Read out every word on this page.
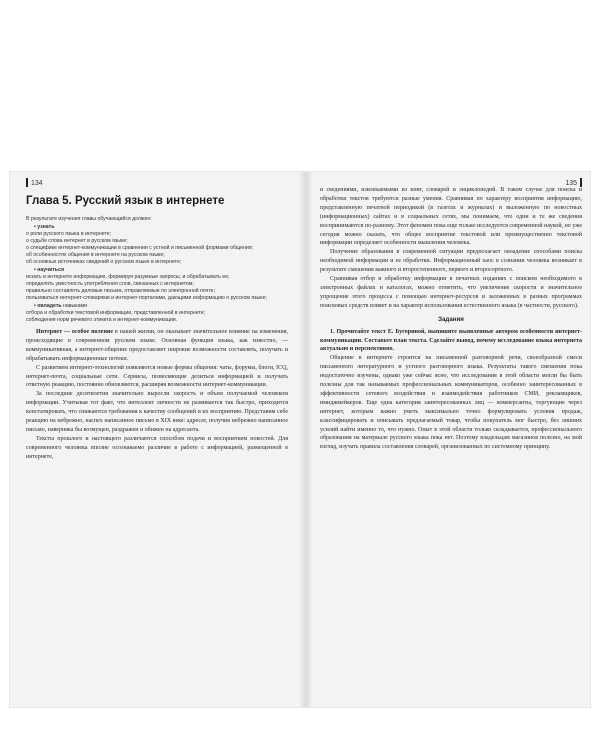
134
Глава 5. Русский язык в интернете
В результате изучения главы обучающийся должен:
• узнать
о роли русского языка в интернете;
о судьбе слова интернет в русском языке;
о специфике интернет-коммуникации в сравнении с устной и письменной формами общения;
об особенностях общения в интернете на русском языке;
об основных источниках сведений о русском языке в интернете;
• научиться
искать в интернете информацию, формируя разумные запросы, и обрабатывать ее;
определять уместность употребления слов, связанных с интернетом;
правильно составлять деловые письма, отправляемые по электронной почте;
пользоваться интернет-словарями и интернет-порталами, дающими информацию о русском языке;
• овладеть навыками
отбора и обработки текстовой информации, представленной в интернете;
соблюдения норм речевого этикета и интернет-коммуникации.

Интернет — особое явление в нашей жизни, он оказывает значительное влияние на изменения, происходящие в современном русском языке. Основная функция языка, как известно, — коммуникативная, а интернет-общение предоставляет широкие возможности составлять, получать и обрабатывать информационные потоки.

С развитием интернет-технологий появляются новые формы общения: чаты, форумы, блоги, ICQ, интернет-почта, социальные сети. Сервисы, позволяющие делиться информацией и получать ответную реакцию, постоянно обновляются, расширяя возможности интернет-коммуникации.

За последние десятилетия значительно выросли скорость и объем получаемой человеком информации. Учитывая тот факт, что интеллект личности не развивается так быстро, приходится констатировать, что снижаются требования к качеству сообщений и их восприятию. Представим себе реакцию на небрежно, наспех написанное письмо в XIX веке: адресат, получив небрежно написанное письмо, наверняка бы возмущен, раздражен и обижен на адресанта.

Тексты прошлого и настоящего различаются способом подачи и восприятием новостей. Для современного человека вполне осознаваемо различие в работе с информацией, размещенной в интернете,

135

и сведениями, извлекаемыми из книг, словарей и энциклопедий. В таком случае для поиска и обработки текстов требуются разные умения. Сравнивая по характеру восприятия информацию, представленную печатной периодикой (в газетах и журналах) и выложенную по новостных (информационных) сайтах и в социальных сетях, мы понимаем, что одни и те же сведения воспринимаются по-разному. Этот феномен пока еще только исследуется современной наукой, но уже сегодня можно сказать, что общее восприятие текстовой или преимущественно текстовой информации определяет особенности мышления человека.

Получение образования в современной ситуации предполагает овладение способами поиска необходимой информации и ее обработки. Информационный хаос в сознании человека возникает в результате смешения важного и второстепенного, первого и второсортного.

Сравнивая отбор и обработку информации в печатных изданиях с поиском необходимого в электронных файлах и каталогах, можно отметить, что увеличение скорости и значительное упрощение этого процесса с помощью интернет-ресурсов и заложенных в разных программах поисковых средств влияет и на характер использования естественного языка (в частности, русского).

Задания

1. Прочитайте текст Е. Бугориной, выпишите выявленные автором особенности интернет-коммуникации. Составьте план текста. Сделайте вывод, почему исследование языка интернета актуально и перспективно.

Общение в интернете строится на письменной разговорной речи, своеобразной смеси письменного литературного и устного разговорного языка. Результаты такого смешения пока недостаточно изучены, однако уже сейчас ясно, что исследования в этой области могли бы быть полезны для так называемых профессиональных коммуникаторов, особенно заинтересованных в эффективности сетевого воздействия и взаимодействия работников СМИ, рекламщиков, имиджмейкеров. Еще одна категория заинтересованных лиц — коммерсанты, торгующие через интернет, которым важно уметь максимально точно формулировать условия продаж, классифицировать и описывать предлагаемый товар, чтобы покупатель мог быстро, без лишних усилий найти именно то, что нужно. Опыт в этой области только складывается, профессионального образования на материале русского языка пока нет. Поэтому владельцам магазинов полезно, на мой взгляд, изучать правила составления словарей, организованных по системному принципу.
